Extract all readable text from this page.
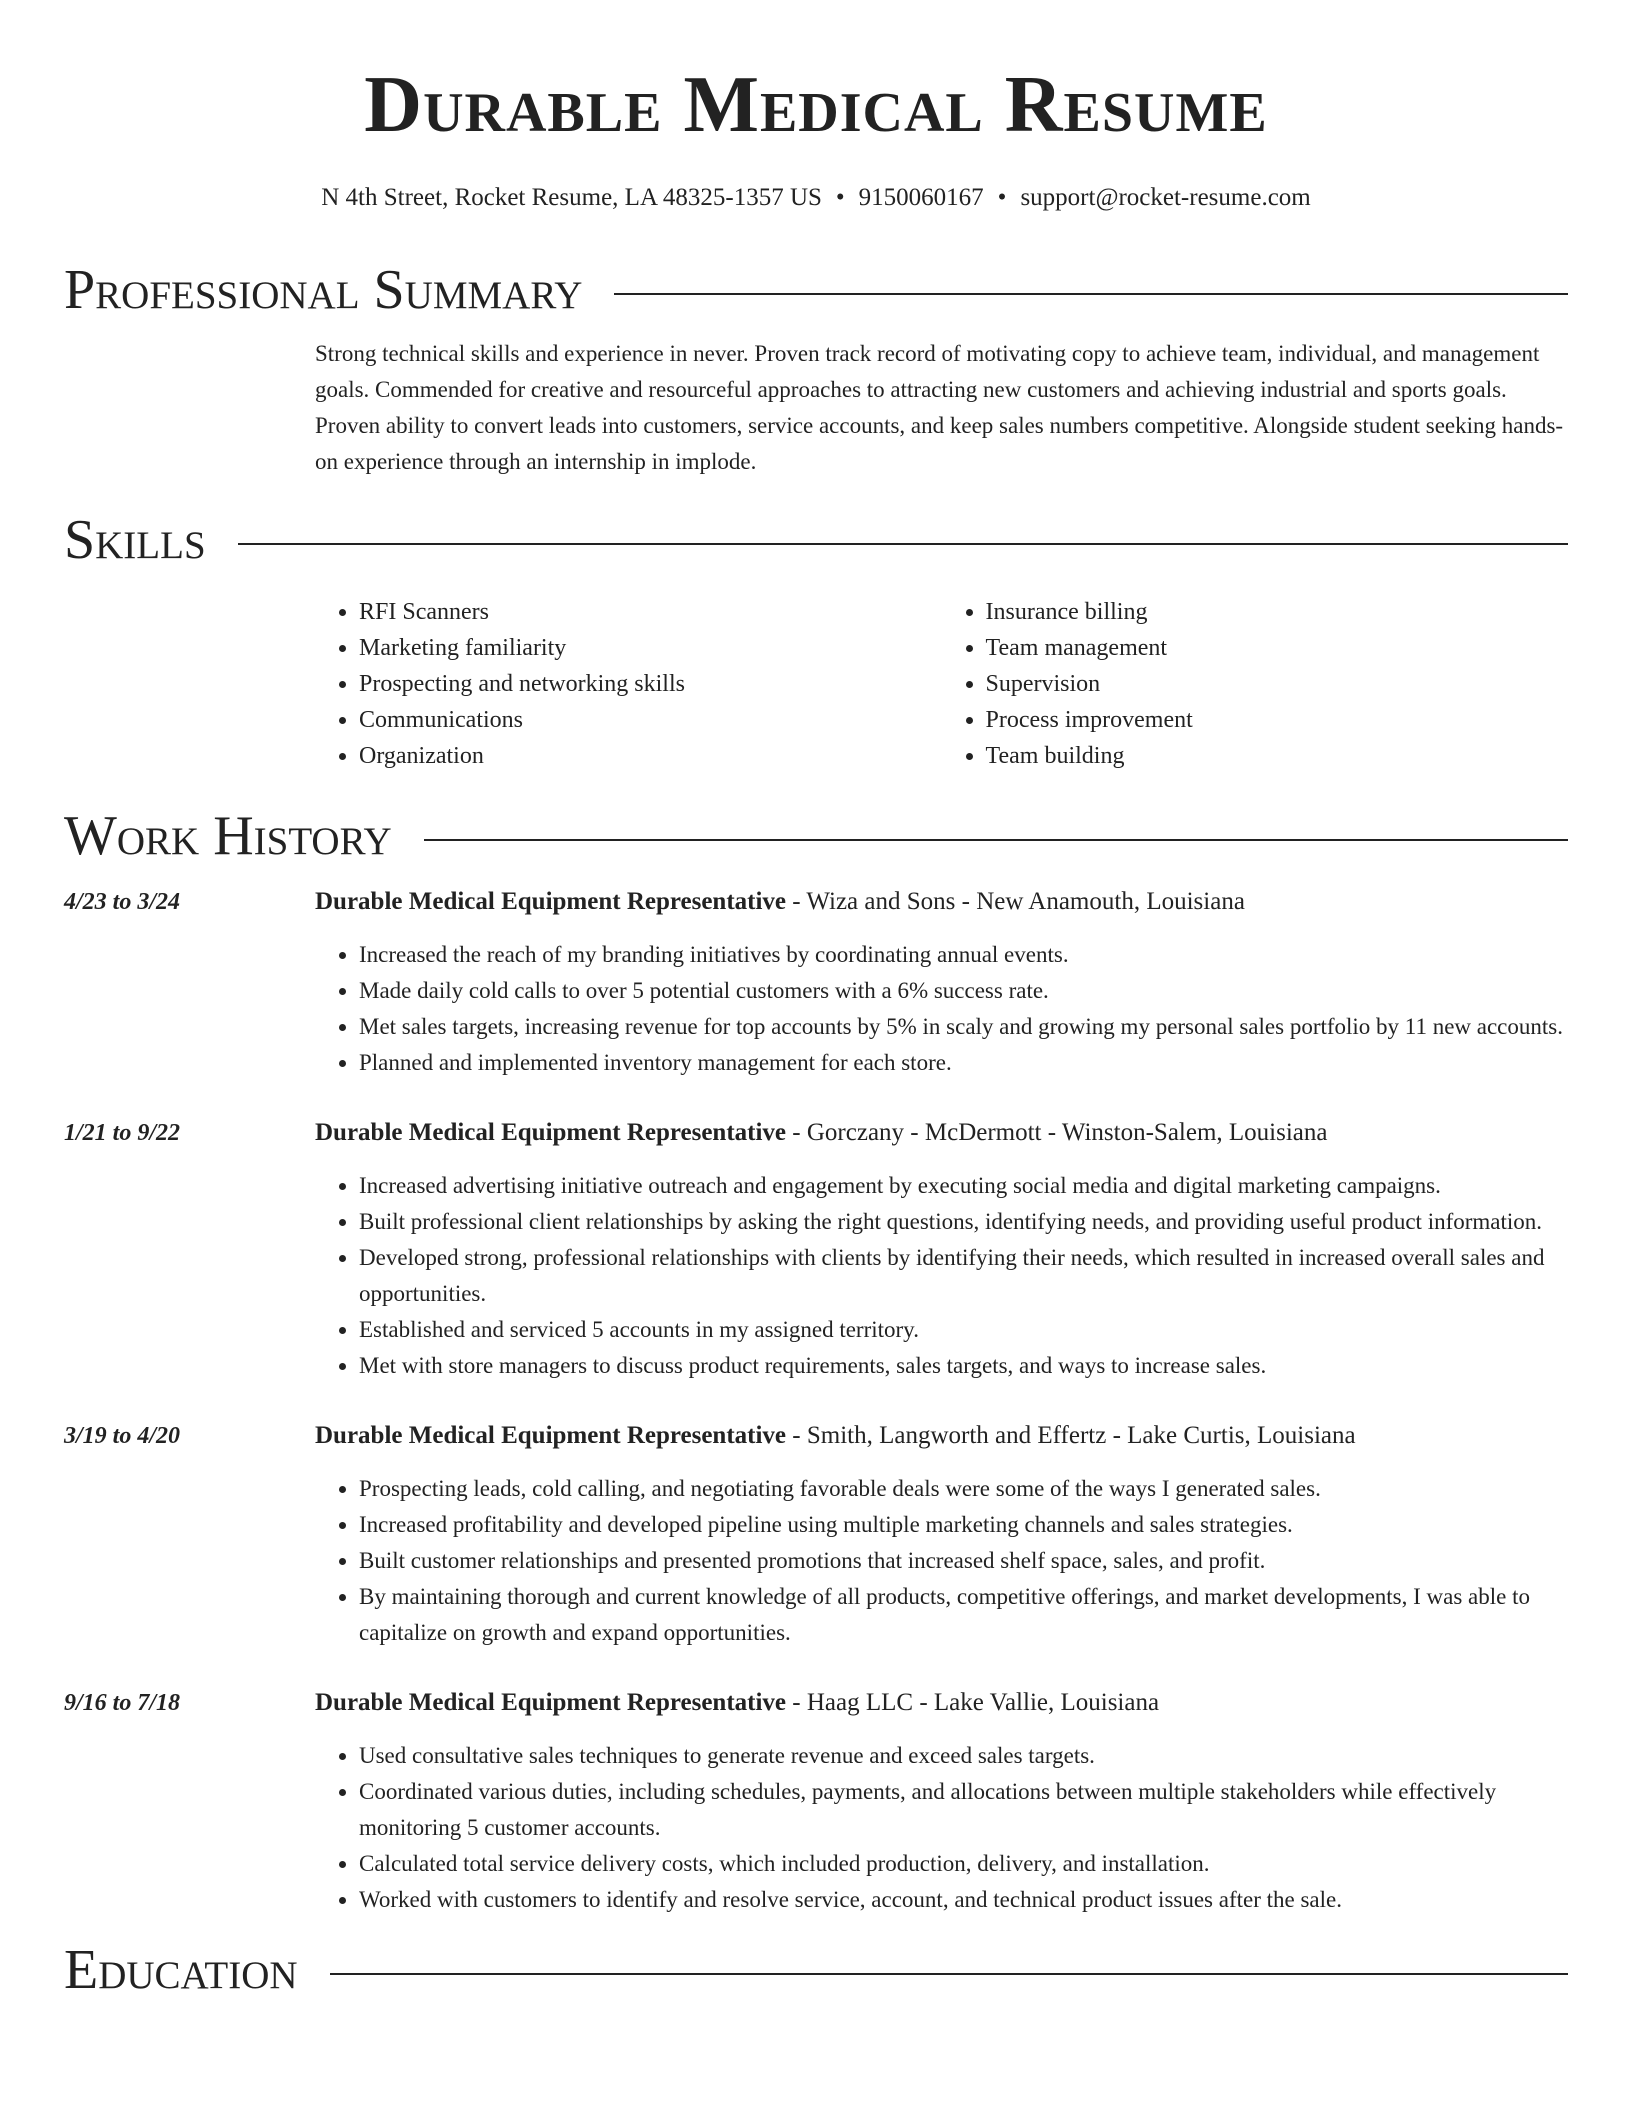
Durable Medical Resume
N 4th Street, Rocket Resume, LA 48325-1357 US • 9150060167 • support@rocket-resume.com
Professional Summary

Strong technical skills and experience in never. Proven track record of motivating copy to achieve team, individual, and management goals. Commended for creative and resourceful approaches to attracting new customers and achieving industrial and sports goals. Proven ability to convert leads into customers, service accounts, and keep sales numbers competitive. Alongside student seeking hands-on experience through an internship in implode.

Skills
• RFI Scanners
• Marketing familiarity
• Prospecting and networking skills
• Communications
• Organization
• Insurance billing
• Team management
• Supervision
• Process improvement
• Team building
Work History
4/23 to 3/24	Durable Medical Equipment Representative - Wiza and Sons - New Anamouth, Louisiana
• Increased the reach of my branding initiatives by coordinating annual events.
• Made daily cold calls to over 5 potential customers with a 6% success rate.
• Met sales targets, increasing revenue for top accounts by 5% in scaly and growing my personal sales portfolio by 11 new accounts.
• Planned and implemented inventory management for each store.
1/21 to 9/22	Durable Medical Equipment Representative - Gorczany - McDermott - Winston-Salem, Louisiana
• Increased advertising initiative outreach and engagement by executing social media and digital marketing campaigns.
• Built professional client relationships by asking the right questions, identifying needs, and providing useful product information.
• Developed strong, professional relationships with clients by identifying their needs, which resulted in increased overall sales and opportunities.
• Established and serviced 5 accounts in my assigned territory.
• Met with store managers to discuss product requirements, sales targets, and ways to increase sales.
3/19 to 4/20	Durable Medical Equipment Representative - Smith, Langworth and Effertz - Lake Curtis, Louisiana
• Prospecting leads, cold calling, and negotiating favorable deals were some of the ways I generated sales.
• Increased profitability and developed pipeline using multiple marketing channels and sales strategies.
• Built customer relationships and presented promotions that increased shelf space, sales, and profit.
• By maintaining thorough and current knowledge of all products, competitive offerings, and market developments, I was able to capitalize on growth and expand opportunities.
9/16 to 7/18	Durable Medical Equipment Representative - Haag LLC - Lake Vallie, Louisiana
• Used consultative sales techniques to generate revenue and exceed sales targets.
• Coordinated various duties, including schedules, payments, and allocations between multiple stakeholders while effectively monitoring 5 customer accounts.
• Calculated total service delivery costs, which included production, delivery, and installation.
• Worked with customers to identify and resolve service, account, and technical product issues after the sale.
Education
